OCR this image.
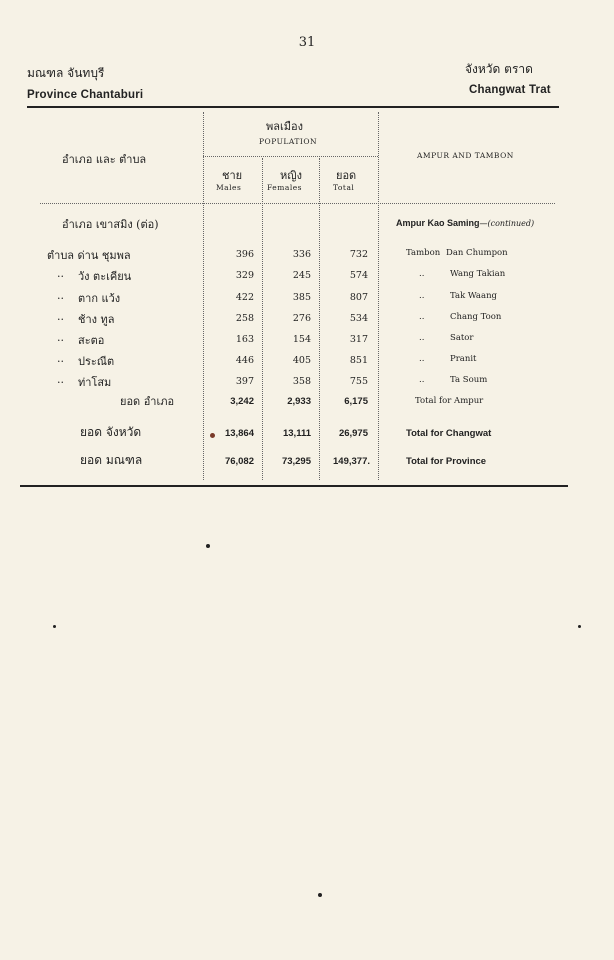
31
มณฑล จันทบุรี
Province Chantaburi
จังหวัด ตราด
Changwat Trat
อำเภอ และ ตำบล
พลเมือง
POPULATION
ชาย
Males
หญิง
Females
ยอด
Total
AMPUR AND TAMBON
อำเภอ เขาสมิง (ต่อ)	Ampur Kao Saming—(continued)
ตำบล ด่าน ชุมพล	396	336	732	Tambon Dan Chumpon
.. วัง ตะเคียน	329	245	574	..	Wang Takian
.. ตาก แว้ง	422	385	807	..	Tak Waang
.. ช้าง ทูล	258	276	534	..	Chang Toon
.. สะตอ	163	154	317	..	Sator
.. ประณีต	446	405	851	..	Pranit
.. ท่าโสม	397	358	755	..	Ta Soum
ยอด อำเภอ	3,242	2,933	6,175	Total for Ampur
ยอด จังหวัด	13,864	13,111	26,975	Total for Changwat
ยอด มณฑล	76,082	73,295	149,377.	Total for Province
